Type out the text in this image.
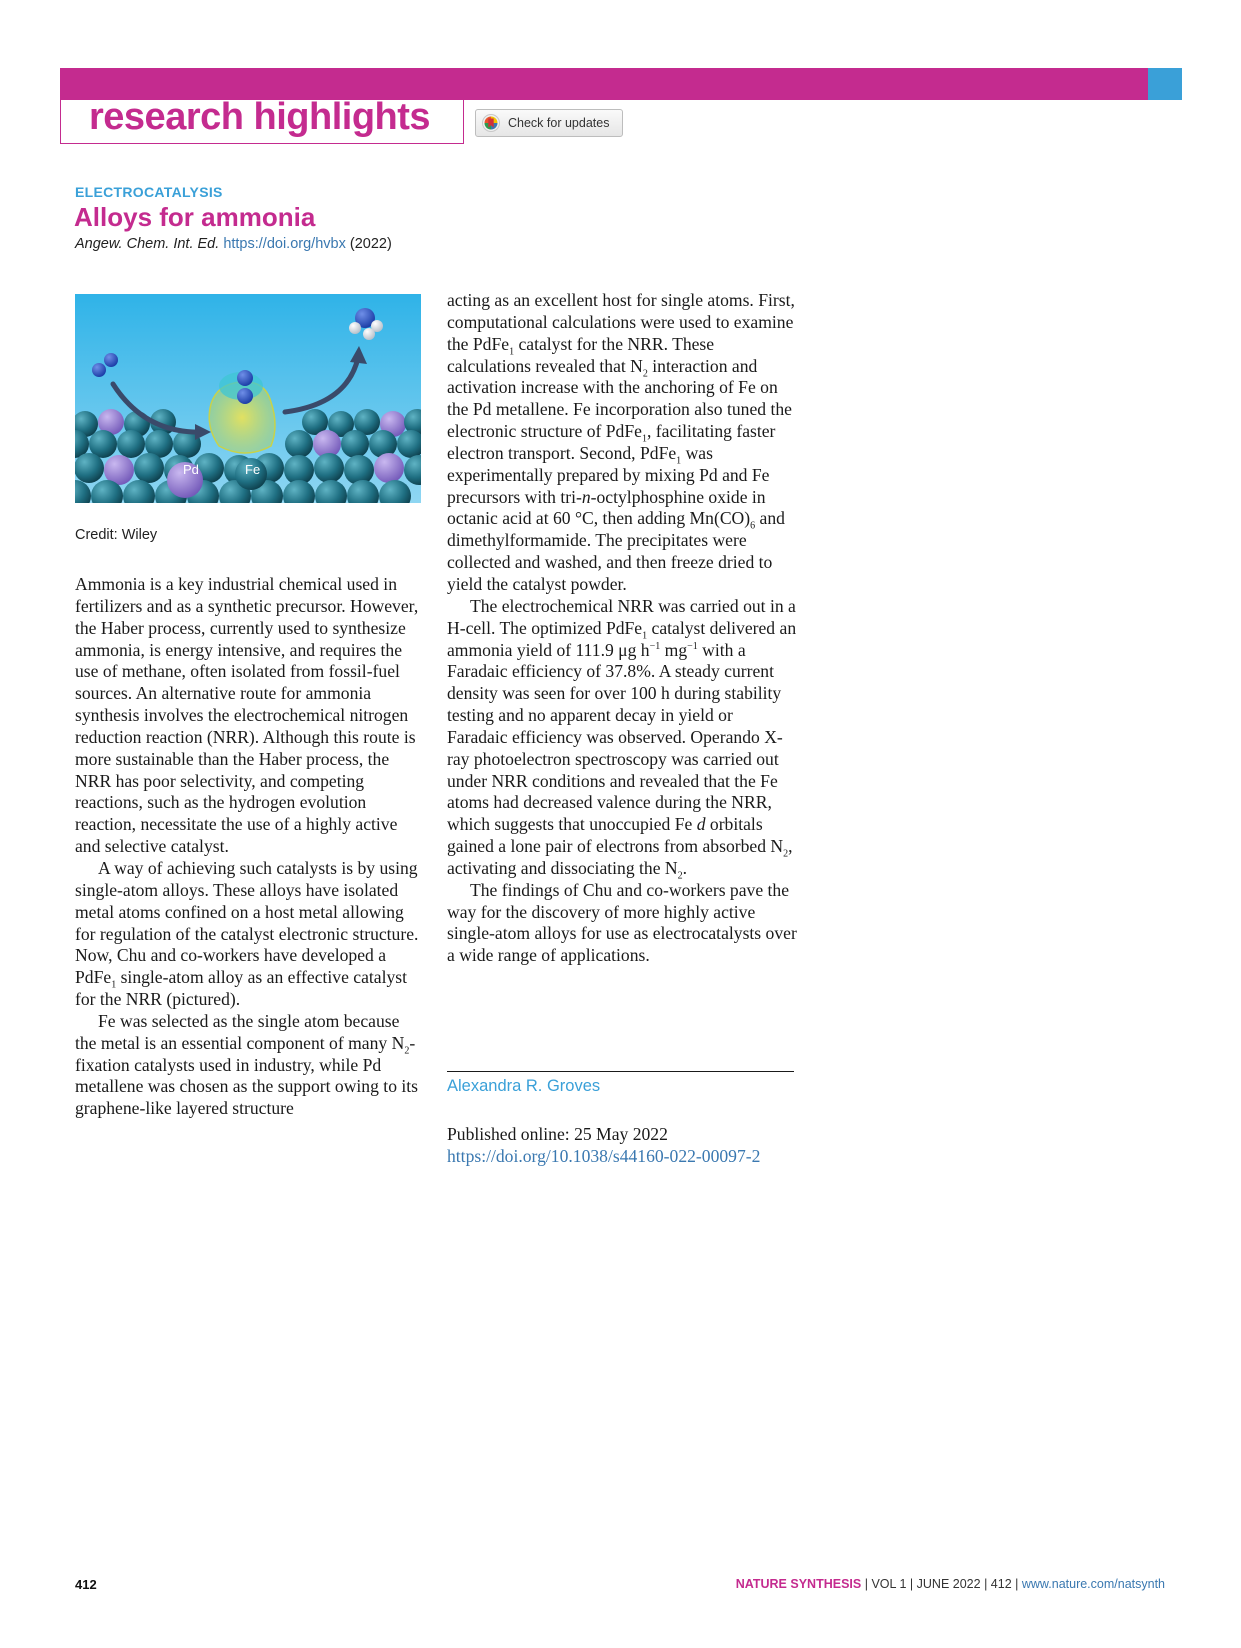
research highlights	Check for updates
ELECTROCATALYSIS
Alloys for ammonia
Angew. Chem. Int. Ed. https://doi.org/hvbx (2022)
Pd	Fe
Credit: Wiley

Ammonia is a key industrial chemical used in fertilizers and as a synthetic precursor. However, the Haber process, currently used to synthesize ammonia, is energy intensive, and requires the use of methane, often isolated from fossil-fuel sources. An alternative route for ammonia synthesis involves the electrochemical nitrogen reduction reaction (NRR). Although this route is more sustainable than the Haber process, the NRR has poor selectivity, and competing reactions, such as the hydrogen evolution reaction, necessitate the use of a highly active and selective catalyst.

A way of achieving such catalysts is by using single-atom alloys. These alloys have isolated metal atoms confined on a host metal allowing for regulation of the catalyst electronic structure. Now, Chu and co-workers have developed a PdFe$_1$ single-atom alloy as an effective catalyst for the NRR (pictured).

Fe was selected as the single atom because the metal is an essential component of many $N_2$-fixation catalysts used in industry, while Pd metallene was chosen as the support owing to its graphene-like layered structure

acting as an excellent host for single atoms. First, computational calculations were used to examine the PdFe$_1$ catalyst for the NRR. These calculations revealed that $N_2$ interaction and activation increase with the anchoring of Fe on the Pd metallene. Fe incorporation also tuned the electronic structure of PdFe$_1$, facilitating faster electron transport. Second, PdFe$_1$ was experimentally prepared by mixing Pd and Fe precursors with tri-n-octylphosphine oxide in octanic acid at 60 °C, then adding $Mn(CO)_6$ and dimethylformamide. The precipitates were collected and washed, and then freeze dried to yield the catalyst powder.

The electrochemical NRR was carried out in a H-cell. The optimized PdFe$_1$ catalyst delivered an ammonia yield of 111.9 μg $h^{-1}$ $mg^{-1}$ with a Faradaic efficiency of 37.8%. A steady current density was seen for over 100 h during stability testing and no apparent decay in yield or Faradaic efficiency was observed. Operando X-ray photoelectron spectroscopy was carried out under NRR conditions and revealed that the Fe atoms had decreased valence during the NRR, which suggests that unoccupied Fe d orbitals gained a lone pair of electrons from absorbed $N_2$, activating and dissociating the $N_2$.

The findings of Chu and co-workers pave the way for the discovery of more highly active single-atom alloys for use as electrocatalysts over a wide range of applications.

Alexandra R. Groves
Published online: 25 May 2022
https://doi.org/10.1038/s44160-022-00097-2
412	NATURE SYNTHESIS | VOL 1 | JUNE 2022 | 412 | www.nature.com/natsynth
